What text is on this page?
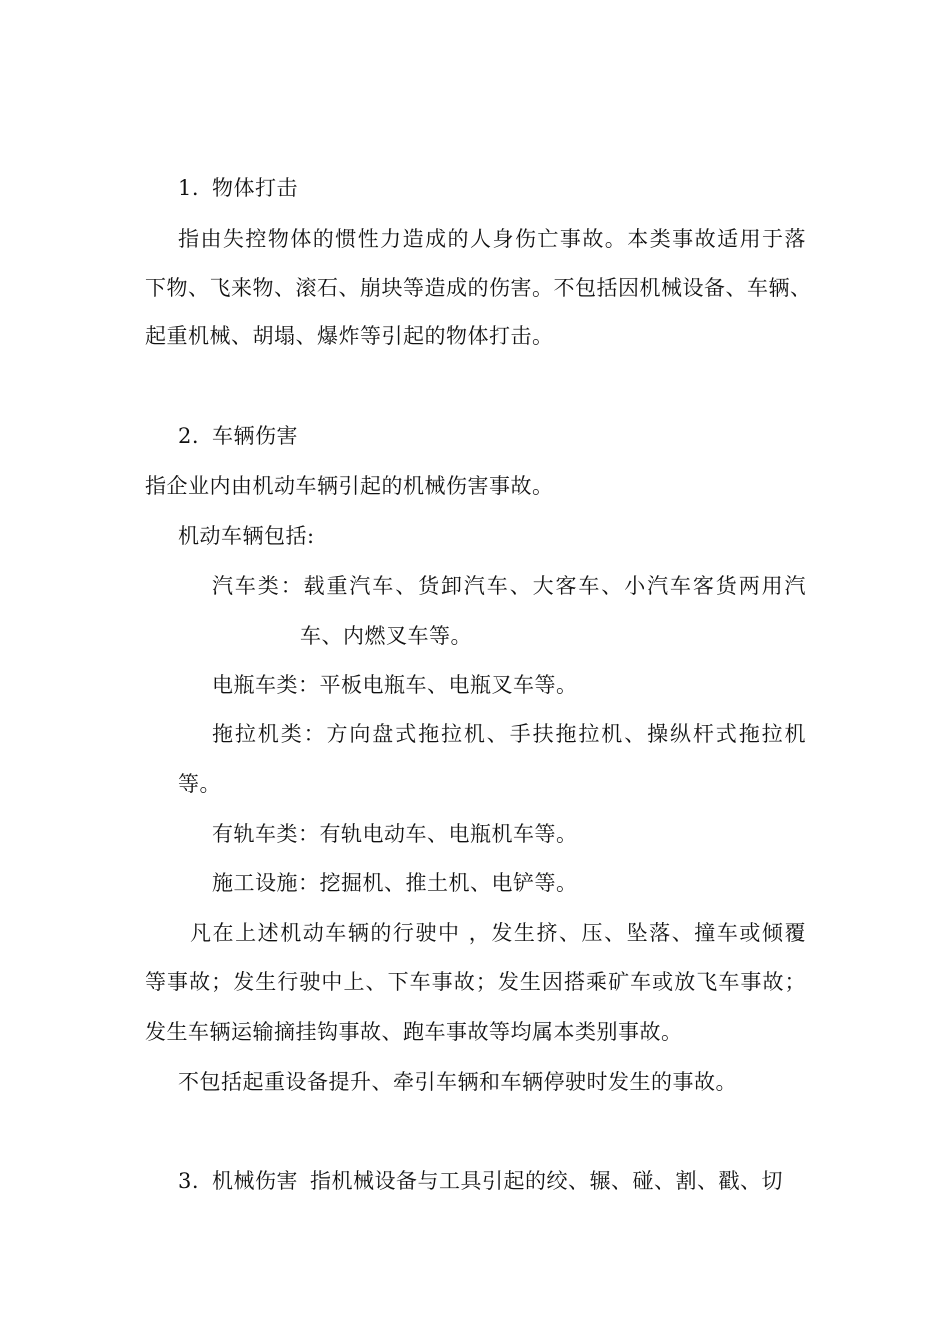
1. 物体打击
指由失控物体的惯性力造成的人身伤亡事故。本类事故适用于落
下物、飞来物、滚石、崩块等造成的伤害。不包括因机械设备、车辆、
起重机械、胡塌、爆炸等引起的物体打击。
2. 车辆伤害
指企业内由机动车辆引起的机械伤害事故。
机动车辆包括:
汽车类：载重汽车、货卸汽车、大客车、小汽车客货两用汽
车、内燃叉车等。
电瓶车类：平板电瓶车、电瓶叉车等。
拖拉机类：方向盘式拖拉机、手扶拖拉机、操纵杆式拖拉机
等。
有轨车类：有轨电动车、电瓶机车等。
施工设施：挖掘机、推土机、电铲等。
凡在上述机动车辆的行驶中 ，发生挤、压、坠落、撞车或倾覆
等事故；发生行驶中上、下车事故；发生因搭乘矿车或放飞车事故；
发生车辆运输摘挂钩事故、跑车事故等均属本类别事故。
不包括起重设备提升、牵引车辆和车辆停驶时发生的事故。
3. 机械伤害 指机械设备与工具引起的绞、辗、碰、割、戳、切
